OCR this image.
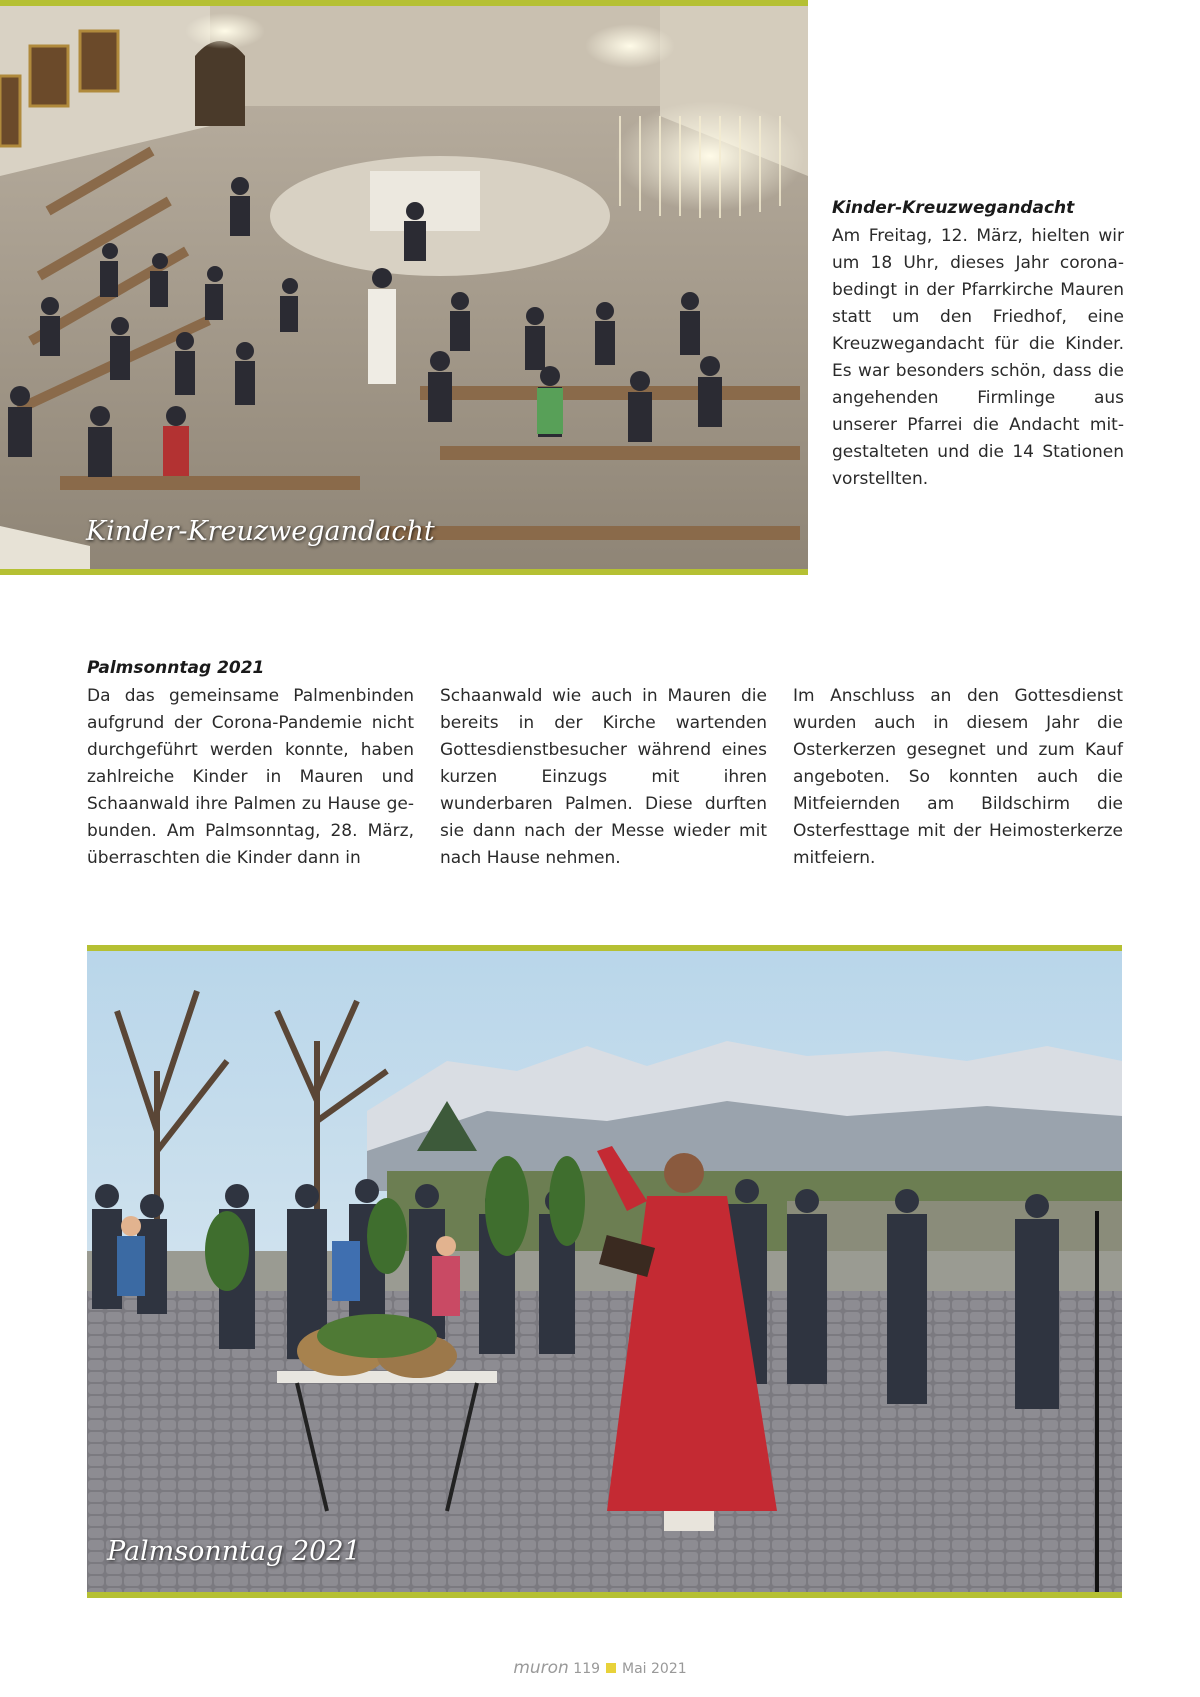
Kinder-Kreuzwegandacht
Kinder-Kreuzwegandacht
Am Freitag, 12. März, hielten wir um 18 Uhr, dieses Jahr coronabedingt in der Pfarrkirche Mauren statt um den Friedhof, eine Kreuzwegandacht für die Kinder. Es war besonders schön, dass die angehenden Firmlinge aus unserer Pfarrei die Andacht mitgestalteten und die 14 Stationen vorstellten.
Palmsonntag 2021
Da das gemeinsame Palmenbinden aufgrund der Corona-Pandemie nicht durchgeführt werden konnte, haben zahlreiche Kinder in Mauren und Schaanwald ihre Palmen zu Hause gebunden. Am Palmsonntag, 28. März, überraschten die Kinder dann in
Schaanwald wie auch in Mauren die bereits in der Kirche wartenden Gottesdienstbesucher während eines kurzen Einzugs mit ihren wunderbaren Palmen. Diese durften sie dann nach der Messe wieder mit nach Hause nehmen.
Im Anschluss an den Gottesdienst wurden auch in diesem Jahr die Osterkerzen gesegnet und zum Kauf angeboten. So konnten auch die Mitfeiernden am Bildschirm die Osterfesttage mit der Heimosterkerze mitfeiern.
Palmsonntag 2021
muron 119 Mai 2021
